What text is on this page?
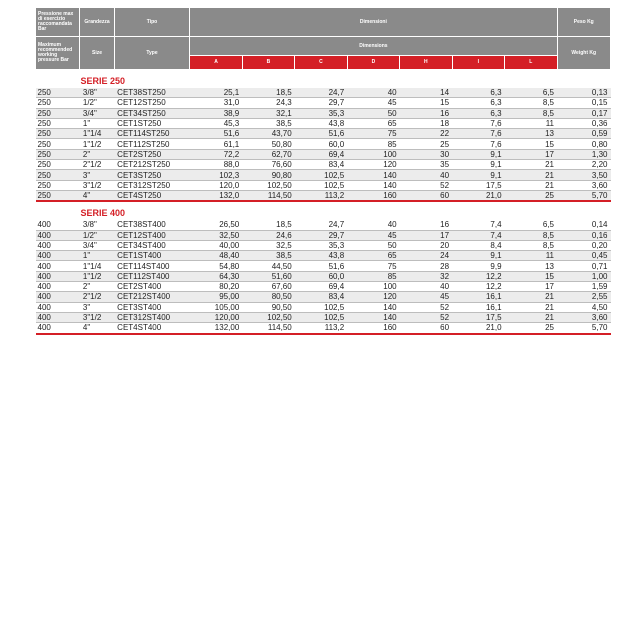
Pressione max di esercizio raccomandata Bar	Grandezza	Tipo	Dimensioni							Peso Kg
Maximum recommended working pressure Bar	Size	Type	Dimensions							Weight Kg
			A	B	C	D	H	I	L	
SERIE 250										
250	3/8"	CET38ST250	25,1	18,5	24,7	40	14	6,3	6,5	0,13
250	1/2"	CET12ST250	31,0	24,3	29,7	45	15	6,3	8,5	0,15
250	3/4"	CET34ST250	38,9	32,1	35,3	50	16	6,3	8,5	0,17
250	1"	CET1ST250	45,3	38,5	43,8	65	18	7,6	11	0,36
250	1"1/4	CET114ST250	51,6	43,70	51,6	75	22	7,6	13	0,59
250	1"1/2	CET112ST250	61,1	50,80	60,0	85	25	7,6	15	0,80
250	2"	CET2ST250	72,2	62,70	69,4	100	30	9,1	17	1,30
250	2"1/2	CET212ST250	88,0	76,60	83,4	120	35	9,1	21	2,20
250	3"	CET3ST250	102,3	90,80	102,5	140	40	9,1	21	3,50
250	3"1/2	CET312ST250	120,0	102,50	102,5	140	52	17,5	21	3,60
250	4"	CET4ST250	132,0	114,50	113,2	160	60	21,0	25	5,70

SERIE 400										
400	3/8"	CET38ST400	26,50	18,5	24,7	40	16	7,4	6,5	0,14
400	1/2"	CET12ST400	32,50	24,6	29,7	45	17	7,4	8,5	0,16
400	3/4"	CET34ST400	40,00	32,5	35,3	50	20	8,4	8,5	0,20
400	1"	CET1ST400	48,40	38,5	43,8	65	24	9,1	11	0,45
400	1"1/4	CET114ST400	54,80	44,50	51,6	75	28	9,9	13	0,71
400	1"1/2	CET112ST400	64,30	51,60	60,0	85	32	12,2	15	1,00
400	2"	CET2ST400	80,20	67,60	69,4	100	40	12,2	17	1,59
400	2"1/2	CET212ST400	95,00	80,50	83,4	120	45	16,1	21	2,55
400	3"	CET3ST400	105,00	90,50	102,5	140	52	16,1	21	4,50
400	3"1/2	CET312ST400	120,00	102,50	102,5	140	52	17,5	21	3,60
400	4"	CET4ST400	132,00	114,50	113,2	160	60	21,0	25	5,70
